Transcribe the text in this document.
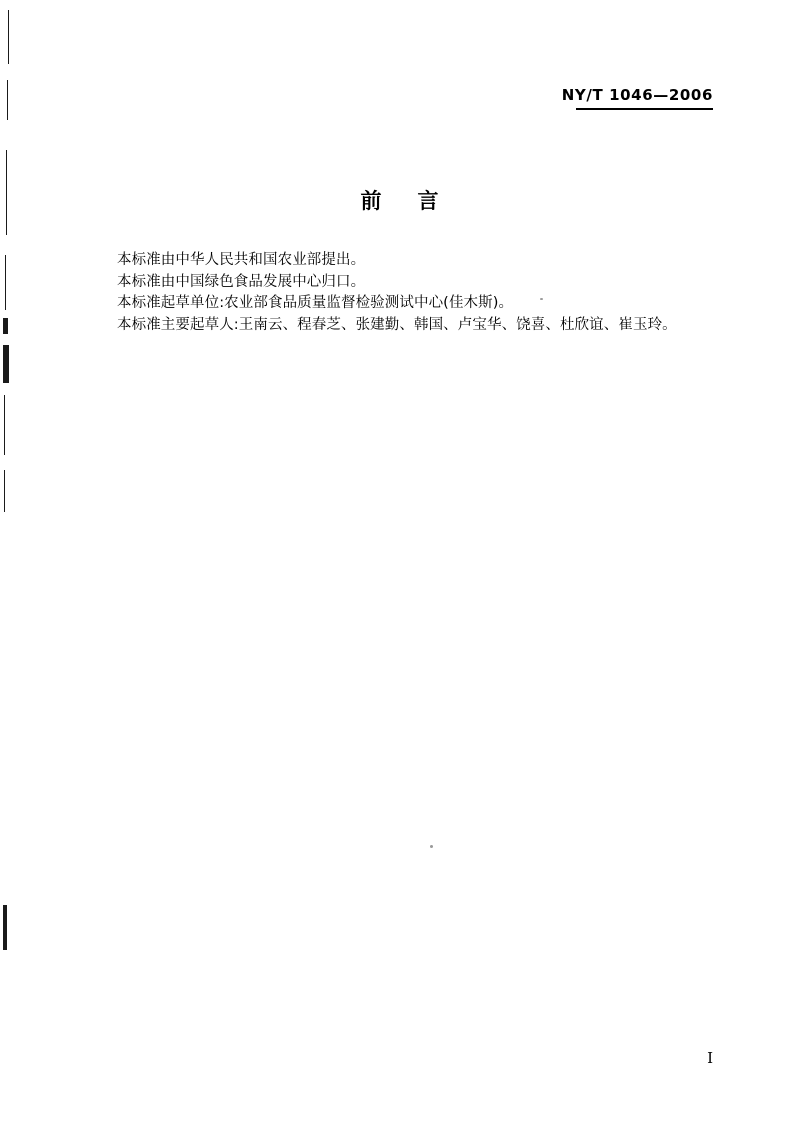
NY/T 1046—2006
前 言
本标准由中华人民共和国农业部提出。
本标准由中国绿色食品发展中心归口。
本标准起草单位:农业部食品质量监督检验测试中心(佳木斯)。
本标准主要起草人:王南云、程春芝、张建勤、韩国、卢宝华、饶喜、杜欣谊、崔玉玲。
I
